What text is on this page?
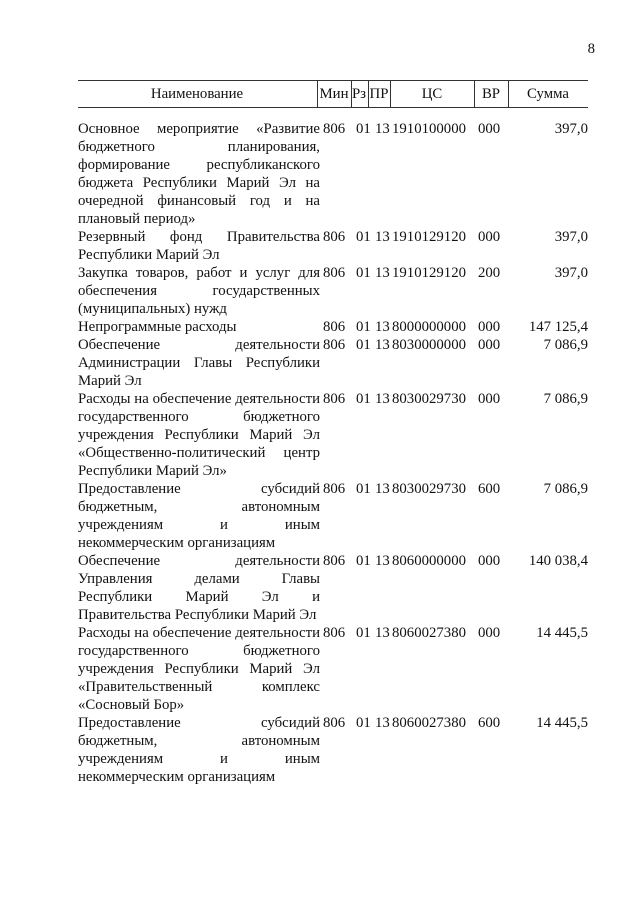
8
Наименование	Мин Рз ПР	ЦС	ВР	Сумма
Основное мероприятие «Развитие бюджетного планирования, формирование республиканского бюджета Республики Марий Эл на очередной финансовый год и на плановый период»
806 01 13 1910100000 000	397,0
Резервный фонд Правительства Республики Марий Эл
806 01 13 1910129120 000	397,0
Закупка товаров, работ и услуг для обеспечения государственных (муниципальных) нужд
806 01 13 1910129120 200	397,0
Непрограммные расходы	806 01 13 8000000000 000	147 125,4
Обеспечение деятельности Администрации Главы Республики Марий Эл
806 01 13 8030000000 000	7 086,9
Расходы на обеспечение деятельности государственного бюджетного учреждения Республики Марий Эл «Общественно-политический центр Республики Марий Эл»
806 01 13 8030029730 000	7 086,9
Предоставление субсидий бюджетным, автономным учреждениям и иным некоммерческим организациям
806 01 13 8030029730 600	7 086,9
Обеспечение деятельности Управления делами Главы Республики Марий Эл и Правительства Республики Марий Эл
806 01 13 8060000000 000	140 038,4
Расходы на обеспечение деятельности государственного бюджетного учреждения Республики Марий Эл «Правительственный комплекс «Сосновый Бор»
806 01 13 8060027380 000	14 445,5
Предоставление субсидий бюджетным, автономным учреждениям и иным некоммерческим организациям
806 01 13 8060027380 600	14 445,5
